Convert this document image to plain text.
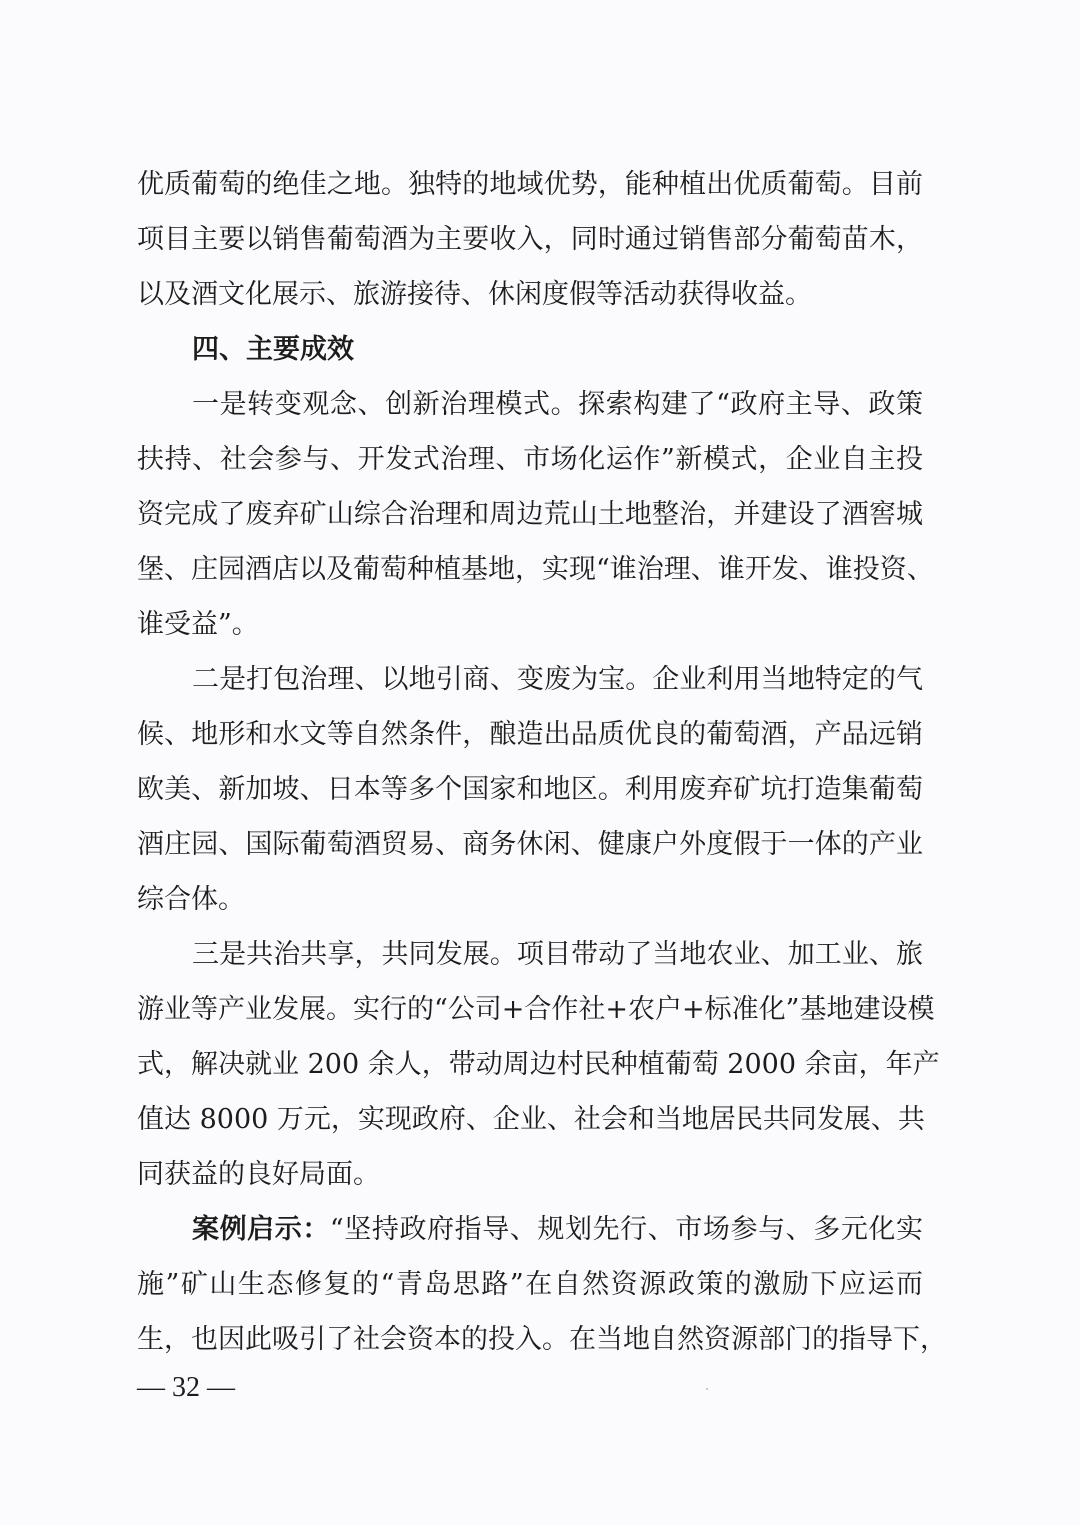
优质葡萄的绝佳之地。独特的地域优势，能种植出优质葡萄。目前
项目主要以销售葡萄酒为主要收入，同时通过销售部分葡萄苗木，
以及酒文化展示、旅游接待、休闲度假等活动获得收益。
四、主要成效
一是转变观念、创新治理模式。探索构建了“政府主导、政策
扶持、社会参与、开发式治理、市场化运作”新模式，企业自主投
资完成了废弃矿山综合治理和周边荒山土地整治，并建设了酒窖城
堡、庄园酒店以及葡萄种植基地，实现“谁治理、谁开发、谁投资、
谁受益”。
二是打包治理、以地引商、变废为宝。企业利用当地特定的气
候、地形和水文等自然条件，酿造出品质优良的葡萄酒，产品远销
欧美、新加坡、日本等多个国家和地区。利用废弃矿坑打造集葡萄
酒庄园、国际葡萄酒贸易、商务休闲、健康户外度假于一体的产业
综合体。
三是共治共享，共同发展。项目带动了当地农业、加工业、旅
游业等产业发展。实行的“公司+合作社+农户+标准化”基地建设模
式，解决就业 200 余人，带动周边村民种植葡萄 2000 余亩，年产
值达 8000 万元，实现政府、企业、社会和当地居民共同发展、共
同获益的良好局面。
案例启示：“坚持政府指导、规划先行、市场参与、多元化实
施”矿山生态修复的“青岛思路”在自然资源政策的激励下应运而
生，也因此吸引了社会资本的投入。在当地自然资源部门的指导下，
— 32 —
